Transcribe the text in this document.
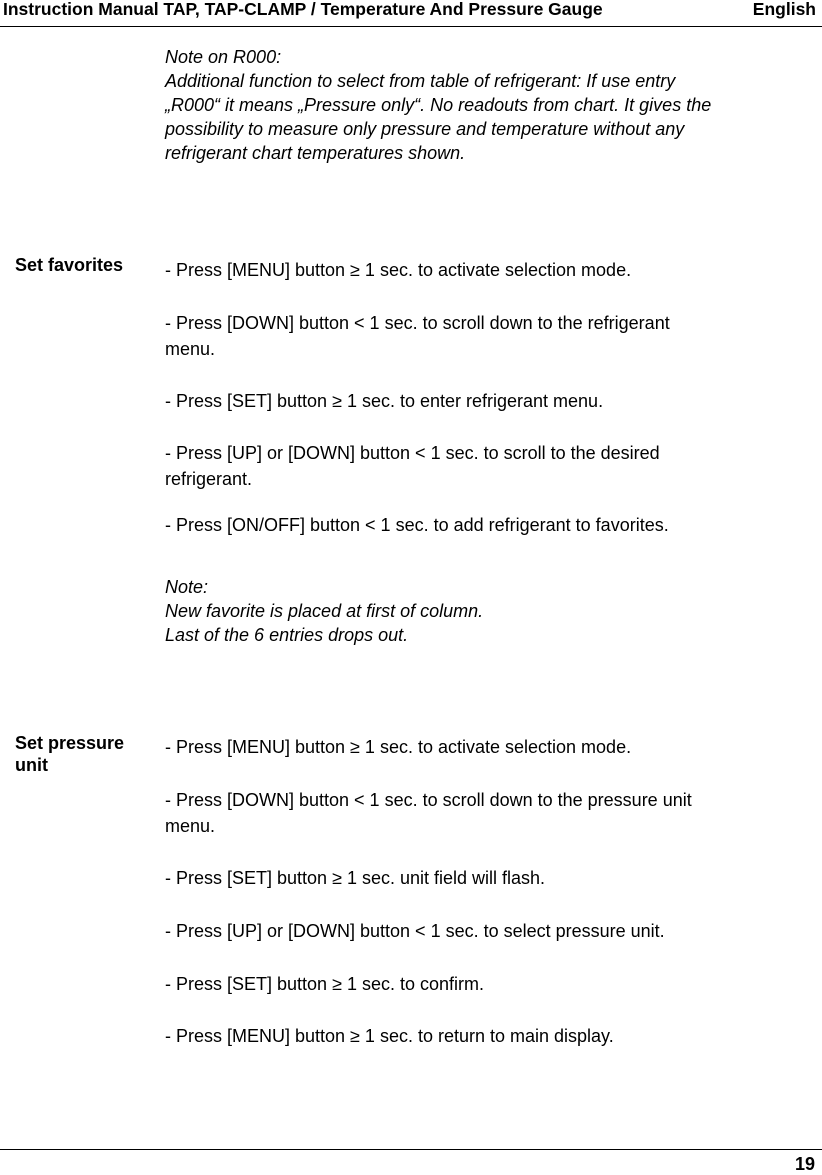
Instruction Manual TAP, TAP-CLAMP / Temperature And Pressure Gauge	English
Note on R000:
Additional function to select from table of refrigerant: If use entry
„R000“ it means „Pressure only“. No readouts from chart. It gives the
possibility to measure only pressure and temperature without any
refrigerant chart temperatures shown.
Set favorites	- Press [MENU] button ≥ 1 sec. to activate selection mode.
- Press [DOWN] button < 1 sec. to scroll down to the refrigerant
menu.
- Press [SET] button ≥ 1 sec. to enter refrigerant menu.
- Press [UP] or [DOWN] button < 1 sec. to scroll to the desired
refrigerant.
- Press [ON/OFF] button < 1 sec. to add refrigerant to favorites.
Note:
New favorite is placed at first of column.
Last of the 6 entries drops out.
Set pressure
unit
- Press [MENU] button ≥ 1 sec. to activate selection mode.
- Press [DOWN] button < 1 sec. to scroll down to the pressure unit
menu.
- Press [SET] button ≥ 1 sec. unit field will flash.
- Press [UP] or [DOWN] button < 1 sec. to select pressure unit.
- Press [SET] button ≥ 1 sec. to confirm.
- Press [MENU] button ≥ 1 sec. to return to main display.
19
